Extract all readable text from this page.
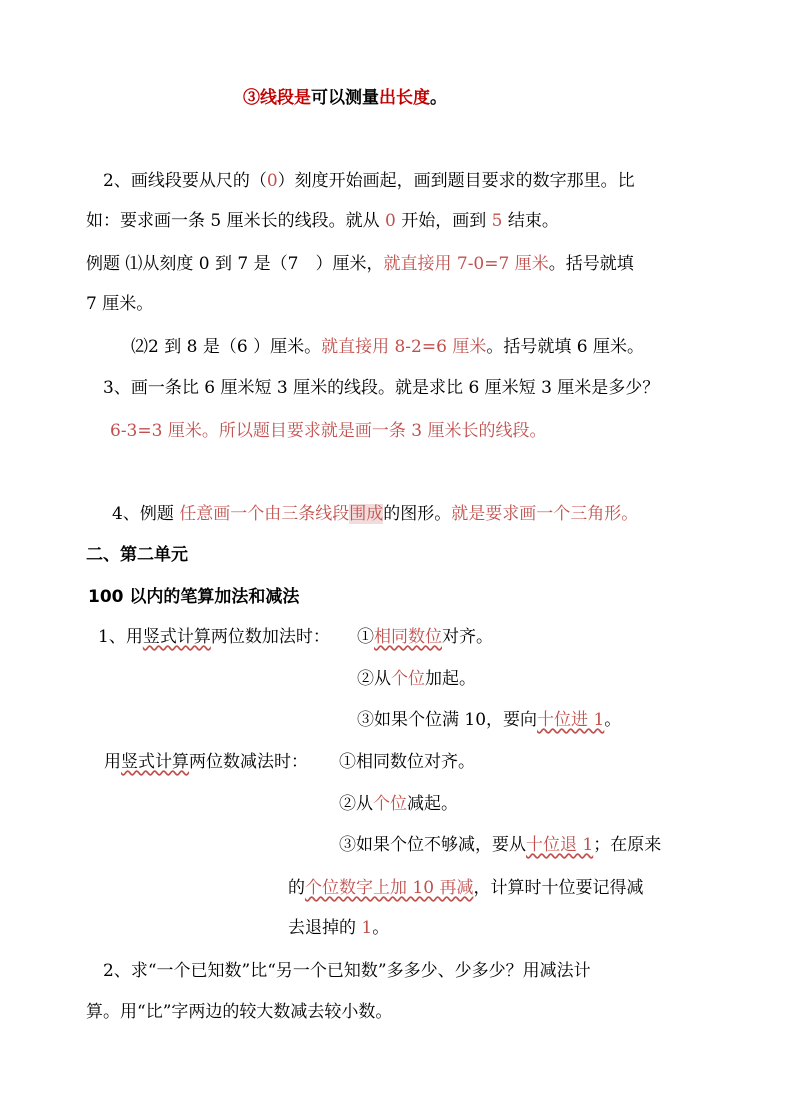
③线段是可以测量出长度。
2、画线段要从尺的（0）刻度开始画起，画到题目要求的数字那里。比
如：要求画一条 5 厘米长的线段。就从 0 开始，画到 5 结束。
例题 ⑴从刻度 0 到 7 是（7　）厘米，就直接用 7-0=7 厘米。括号就填
7 厘米。
⑵2 到 8 是（6 ）厘米。就直接用 8-2=6 厘米。括号就填 6 厘米。
3、画一条比 6 厘米短 3 厘米的线段。就是求比 6 厘米短 3 厘米是多少？
6-3=3 厘米。所以题目要求就是画一条 3 厘米长的线段。
4、例题 任意画一个由三条线段围成的图形。就是要求画一个三角形。
二、第二单元
100 以内的笔算加法和减法
1、用竖式计算两位数加法时： ①相同数位对齐。
②从个位加起。
③如果个位满 10，要向十位进 1。
用竖式计算两位数减法时： ①相同数位对齐。
②从个位减起。
③如果个位不够减，要从十位退 1；在原来
的个位数字上加 10 再减，计算时十位要记得减
去退掉的 1。
2、求“一个已知数”比“另一个已知数”多多少、少多少？用减法计
算。用“比”字两边的较大数减去较小数。
